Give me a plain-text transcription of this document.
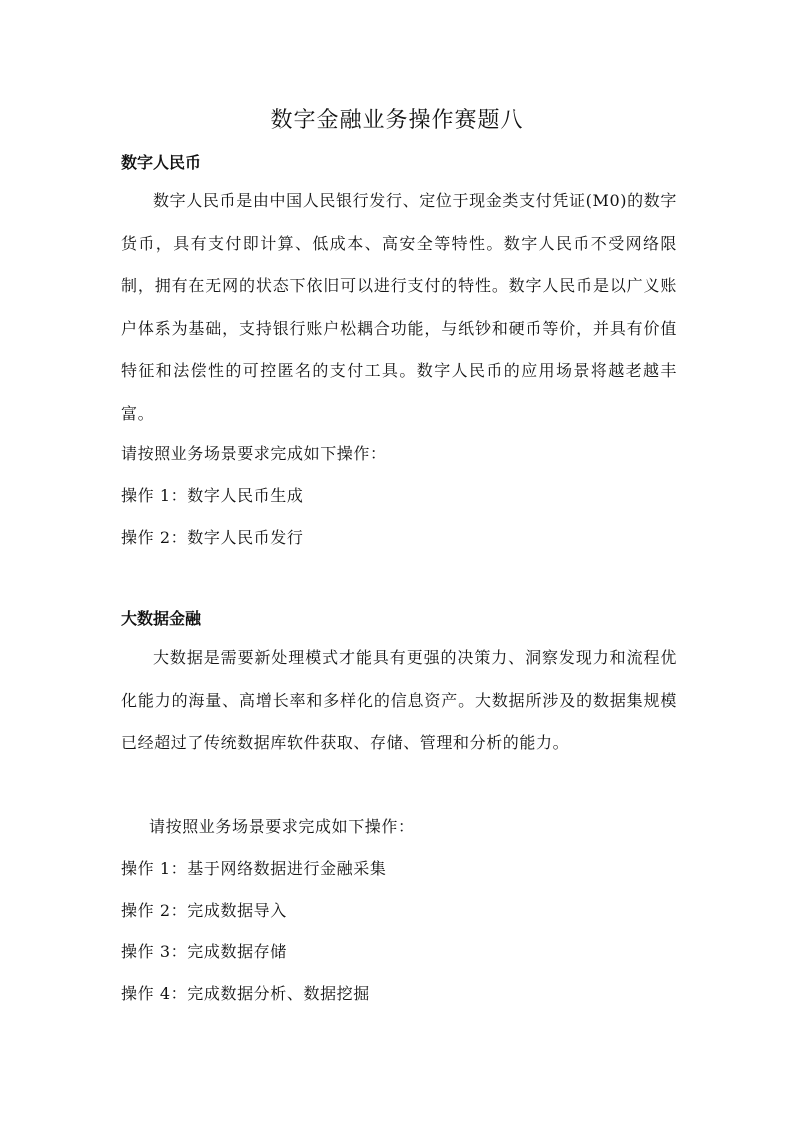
数字金融业务操作赛题八
数字人民币

数字人民币是由中国人民银行发行、定位于现金类支付凭证(M0)的数字货币，具有支付即计算、低成本、高安全等特性。数字人民币不受网络限制，拥有在无网的状态下依旧可以进行支付的特性。数字人民币是以广义账户体系为基础，支持银行账户松耦合功能，与纸钞和硬币等价，并具有价值特征和法偿性的可控匿名的支付工具。数字人民币的应用场景将越老越丰富。

请按照业务场景要求完成如下操作：

操作 1：数字人民币生成

操作 2：数字人民币发行

大数据金融

大数据是需要新处理模式才能具有更强的决策力、洞察发现力和流程优化能力的海量、高增长率和多样化的信息资产。大数据所涉及的数据集规模已经超过了传统数据库软件获取、存储、管理和分析的能力。

请按照业务场景要求完成如下操作：

操作 1：基于网络数据进行金融采集

操作 2：完成数据导入

操作 3：完成数据存储

操作 4：完成数据分析、数据挖掘
